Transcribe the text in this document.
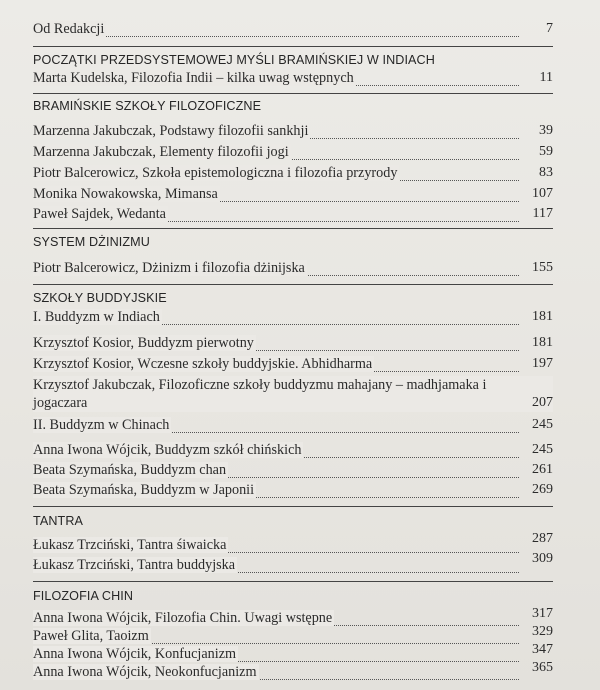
Od Redakcji	7
POCZĄTKI PRZEDSYSTEMOWEJ MYŚLI BRAMIŃSKIEJ W INDIACH
Marta Kudelska, Filozofia Indii – kilka uwag wstępnych	11
BRAMIŃSKIE SZKOŁY FILOZOFICZNE
Marzenna Jakubczak, Podstawy filozofii sankhji	39
Marzenna Jakubczak, Elementy filozofii jogi	59
Piotr Balcerowicz, Szkoła epistemologiczna i filozofia przyrody	83
Monika Nowakowska, Mimansa	107
Paweł Sajdek, Wedanta	117
SYSTEM DŻINIZMU
Piotr Balcerowicz, Dżinizm i filozofia dżinijska	155
SZKOŁY BUDDYJSKIE
I. Buddyzm w Indiach	181
Krzysztof Kosior, Buddyzm pierwotny	181
Krzysztof Kosior, Wczesne szkoły buddyjskie. Abhidharma	197
Krzysztof Jakubczak, Filozoficzne szkoły buddyzmu mahajany – madhjamaka i jogaczara	207
II. Buddyzm w Chinach	245
Anna Iwona Wójcik, Buddyzm szkół chińskich	245
Beata Szymańska, Buddyzm chan	261
Beata Szymańska, Buddyzm w Japonii	269
TANTRA
Łukasz Trzciński, Tantra śiwaicka	287
Łukasz Trzciński, Tantra buddyjska	309
FILOZOFIA CHIN
Anna Iwona Wójcik, Filozofia Chin. Uwagi wstępne	317
Paweł Glita, Taoizm	329
Anna Iwona Wójcik, Konfucjanizm	347
Anna Iwona Wójcik, Neokonfucjanizm	365
